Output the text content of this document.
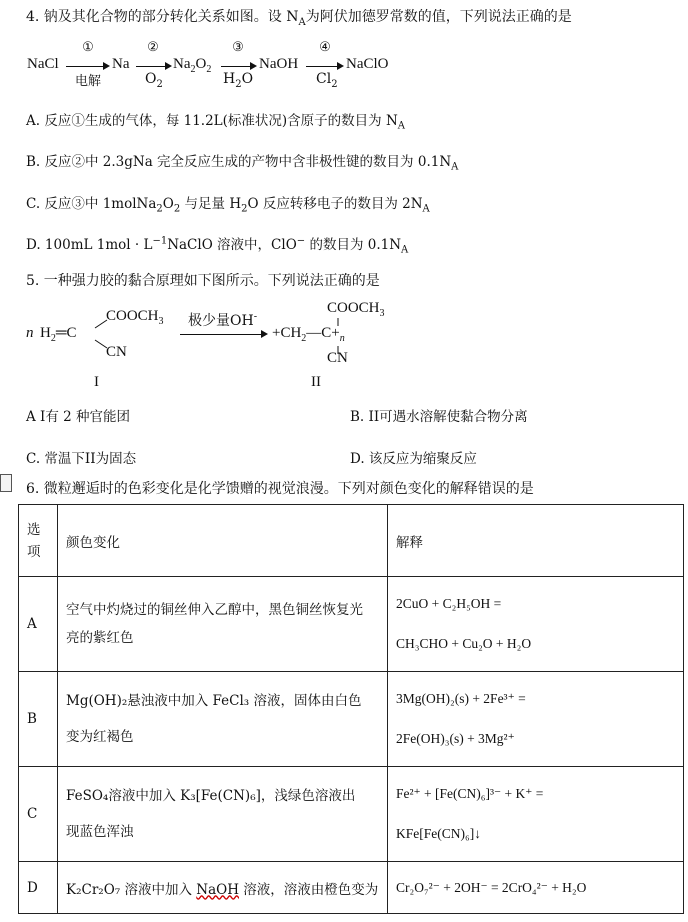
4. 钠及其化合物的部分转化关系如图。设 $N_A$为阿伏加德罗常数的值，下列说法正确的是
NaCl
①
电解
Na
②
$O_2$
$Na_2O_2$
③
$H_2O$
NaOH
④
$Cl_2$
NaClO
A. 反应①生成的气体，每 11.2L(标准状况)含原子的数目为 $N_A$
B. 反应②中 2.3gNa 完全反应生成的产物中含非极性键的数目为 $0.1N_A$
C. 反应③中 $1molNa_2O_2$ 与足量 $H_2O$ 反应转移电子的数目为 $2N_A$
D. 100mL $1mol \cdot L^{-1}NaClO$ 溶液中，ClO− 的数目为 $0.1N_A$
5. 一种强力胶的黏合原理如下图所示。下列说法正确的是
n $H_2═C$
$COOCH_3$
CN
极少量OH-
$+CH_2—C+_n$
$COOCH_3$
CN
I	II
A I有 2 种官能团	B. II可遇水溶解使黏合物分离
C. 常温下II为固态	D. 该反应为缩聚反应
6. 微粒邂逅时的色彩变化是化学馈赠的视觉浪漫。下列对颜色变化的解释错误的是
选
项	颜色变化	解释
A	空气中灼烧过的铜丝伸入乙醇中，黑色铜丝恢复光
亮的紫红色	2CuO + C₂H₅OH =
CH₃CHO + Cu₂O + H₂O
B	Mg(OH)₂悬浊液中加入 FeCl₃ 溶液，固体由白色
变为红褐色	3Mg(OH)₂(s) + 2Fe³⁺ =
2Fe(OH)₃(s) + 3Mg²⁺
C	FeSO₄溶液中加入 K₃[Fe(CN)₆]，浅绿色溶液出
现蓝色浑浊	Fe²⁺ + [Fe(CN)₆]³⁻ + K⁺ =
KFe[Fe(CN)₆]↓
D	K₂Cr₂O₇ 溶液中加入 NaOH 溶液，溶液由橙色变为	Cr₂O₇²⁻ + 2OH⁻ = 2CrO₄²⁻ + H₂O
